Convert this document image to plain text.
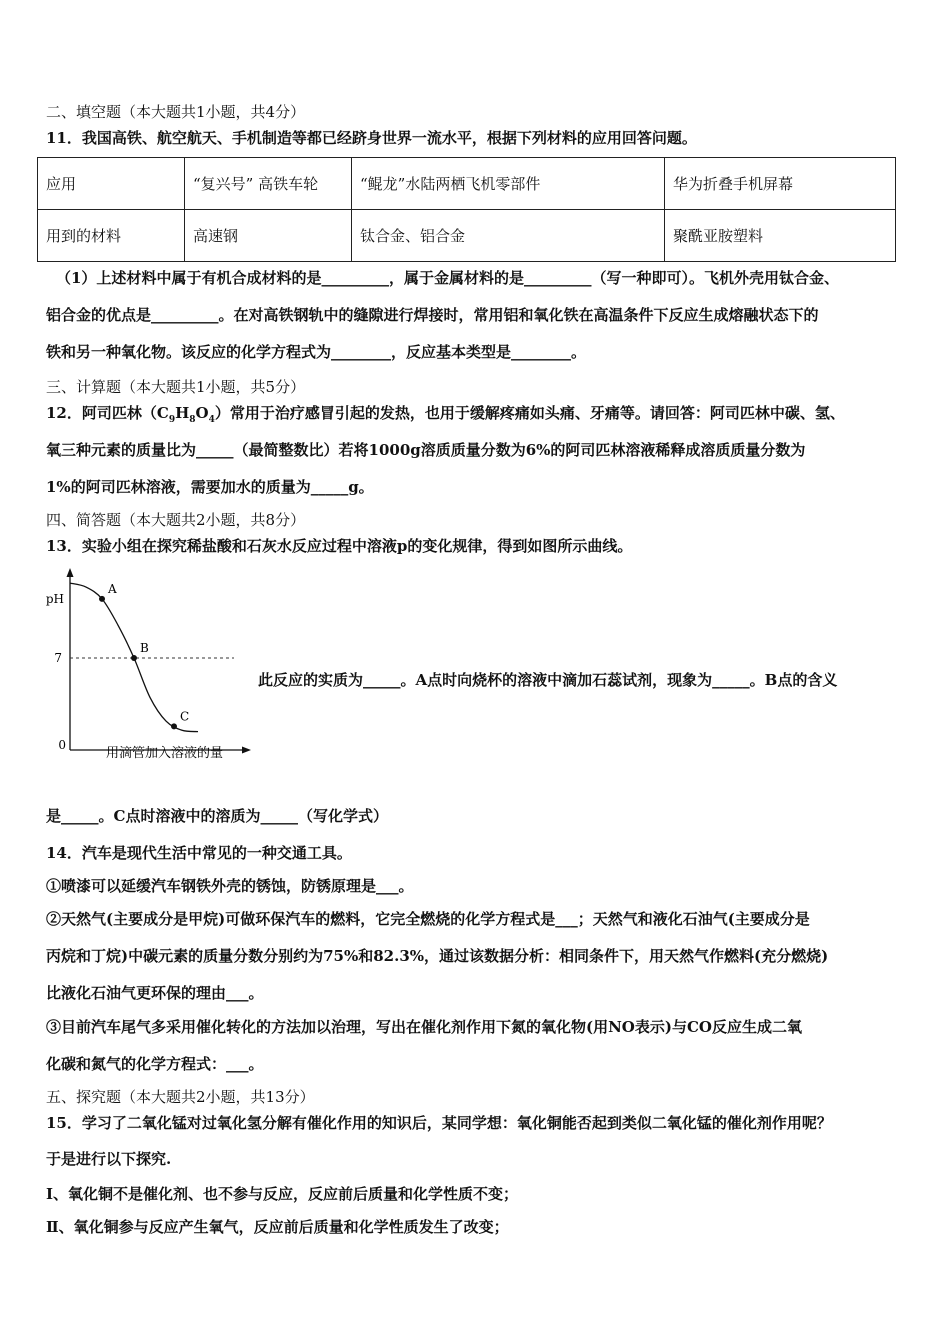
二、填空题（本大题共1小题，共4分）
11．我国高铁、航空航天、手机制造等都已经跻身世界一流水平，根据下列材料的应用回答问题。
应用	“复兴号” 高铁车轮	“鲲龙”水陆两栖飞机零部件	华为折叠手机屏幕
用到的材料	高速钢	钛合金、铝合金	聚酰亚胺塑料
（1）上述材料中属于有机合成材料的是_________，属于金属材料的是_________（写一种即可）。飞机外壳用钛合金、
铝合金的优点是_________。在对高铁钢轨中的缝隙进行焊接时，常用铝和氧化铁在高温条件下反应生成熔融状态下的
铁和另一种氧化物。该反应的化学方程式为________，反应基本类型是________。
三、计算题（本大题共1小题，共5分）
12．阿司匹林$(C_9H_8O_4)$常用于治疗感冒引起的发热，也用于缓解疼痛如头痛、牙痛等。请回答：阿司匹林中碳、氢、
氧三种元素的质量比为_____（最简整数比）若将1000g溶质质量分数为6%的阿司匹林溶液稀释成溶质质量分数为
1%的阿司匹林溶液，需要加水的质量为_____g。
四、简答题（本大题共2小题，共8分）
13．实验小组在探究稀盐酸和石灰水反应过程中溶液p的变化规律，得到如图所示曲线。
7
pH
0	用滴管加入溶液的量
A
B
C
此反应的实质为_____。A点时向烧杯的溶液中滴加石蕊试剂，现象为_____。B点的含义
是_____。C点时溶液中的溶质为_____（写化学式）
14．汽车是现代生活中常见的一种交通工具。
①喷漆可以延缓汽车钢铁外壳的锈蚀，防锈原理是___。
②天然气(主要成分是甲烷)可做环保汽车的燃料，它完全燃烧的化学方程式是___；天然气和液化石油气(主要成分是
丙烷和丁烷)中碳元素的质量分数分别约为75%和82.3%，通过该数据分析：相同条件下，用天然气作燃料(充分燃烧)
比液化石油气更环保的理由___。
③目前汽车尾气多采用催化转化的方法加以治理，写出在催化剂作用下氮的氧化物(用NO表示)与CO反应生成二氧
化碳和氮气的化学方程式：___。
五、探究题（本大题共2小题，共13分）
15．学习了二氧化锰对过氧化氢分解有催化作用的知识后，某同学想：氧化铜能否起到类似二氧化锰的催化剂作用呢？
于是进行以下探究.
Ⅰ、氧化铜不是催化剂、也不参与反应，反应前后质量和化学性质不变；
Ⅱ、氧化铜参与反应产生氧气，反应前后质量和化学性质发生了改变；
